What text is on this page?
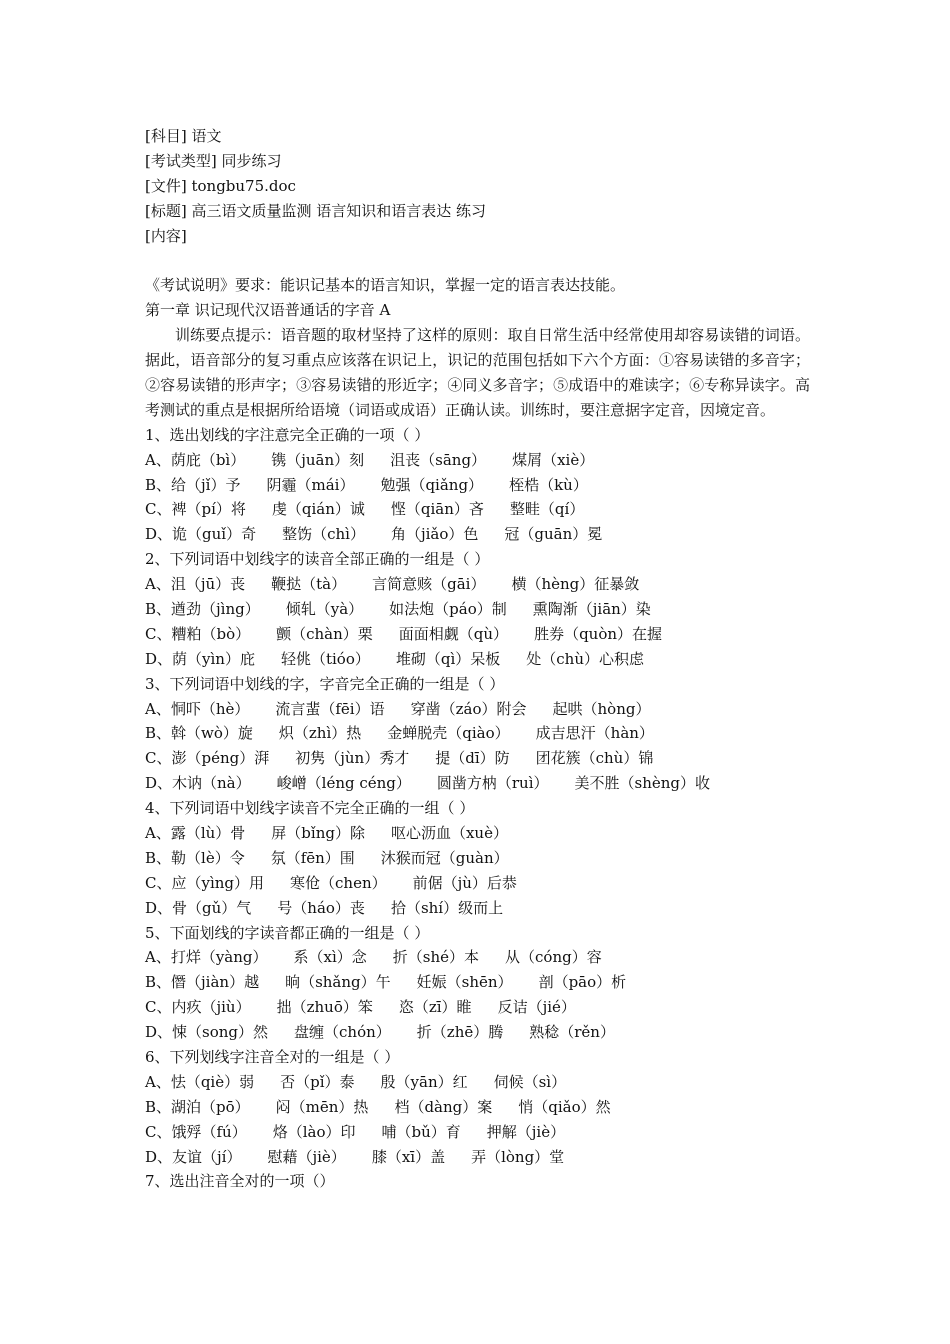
[科目] 语文
[考试类型] 同步练习
[文件] tongbu75.doc
[标题] 高三语文质量监测 语言知识和语言表达 练习
[内容]
《考试说明》要求：能识记基本的语言知识，掌握一定的语言表达技能。
第一章 识记现代汉语普通话的字音 A

训练要点提示：语音题的取材坚持了这样的原则：取自日常生活中经常使用却容易读错的词语。据此，语音部分的复习重点应该落在识记上，识记的范围包括如下六个方面：①容易读错的多音字；②容易读错的形声字；③容易读错的形近字；④同义多音字；⑤成语中的难读字；⑥专称异读字。高考测试的重点是根据所给语境（词语或成语）正确认读。训练时，要注意据字定音，因境定音。

1、选出划线的字注意完全正确的一项（ ）
A、荫庇（bì） 镌（juān）刻 沮丧（sāng） 煤屑（xiè）
B、给（jǐ）予 阴霾（mái） 勉强（qiǎng） 桎梏（kù）
C、裨（pí）将 虔（qián）诚 悭（qiān）吝 整畦（qí）
D、诡（guǐ）奇 整饬（chì） 角（jiǎo）色 冠（guān）冕
2、下列词语中划线字的读音全部正确的一组是（ ）
A、沮（jū）丧 鞭挞（tà） 言简意赅（gāi） 横（hèng）征暴敛
B、遒劲（jìng） 倾轧（yà） 如法炮（páo）制 熏陶渐（jiān）染
C、糟粕（bò） 颤（chàn）栗 面面相觑（qù） 胜券（quòn）在握
D、荫（yìn）庇 轻佻（tióo） 堆砌（qì）呆板 处（chù）心积虑
3、下列词语中划线的字，字音完全正确的一组是（ ）
A、恫吓（hè） 流言蜚（fēi）语 穿凿（záo）附会 起哄（hòng）
B、斡（wò）旋 炽（zhì）热 金蝉脱壳（qiào） 成吉思汗（hàn）
C、澎（péng）湃 初隽（jùn）秀才 提（dī）防 团花簇（chù）锦
D、木讷（nà） 峻嶒（léng céng） 圆凿方枘（ruì） 美不胜（shèng）收
4、下列词语中划线字读音不完全正确的一组（ ）
A、露（lù）骨 屏（bǐng）除 呕心沥血（xuè）
B、勒（lè）令 氛（fēn）围 沐猴而冠（guàn）
C、应（yìng）用 寒伧（chen） 前倨（jù）后恭
D、骨（gǔ）气 号（háo）丧 拾（shí）级而上
5、下面划线的字读音都正确的一组是（ ）
A、打烊（yàng） 系（xì）念 折（shé）本 从（cóng）容
B、僭（jiàn）越 晌（shǎng）午 妊娠（shēn） 剖（pāo）析
C、内疚（jiù） 拙（zhuō）笨 恣（zī）睢 反诘（jié）
D、悚（song）然 盘缠（chón） 折（zhē）腾 熟稔（rěn）
6、下列划线字注音全对的一组是（ ）
A、怯（qiè）弱 否（pǐ）泰 殷（yān）红 伺候（sì）
B、湖泊（pō） 闷（mēn）热 档（dàng）案 悄（qiǎo）然
C、饿殍（fú） 烙（lào）印 哺（bǔ）育 押解（jiè）
D、友谊（jí） 慰藉（jiè） 膝（xī）盖 弄（lòng）堂
7、选出注音全对的一项（）
